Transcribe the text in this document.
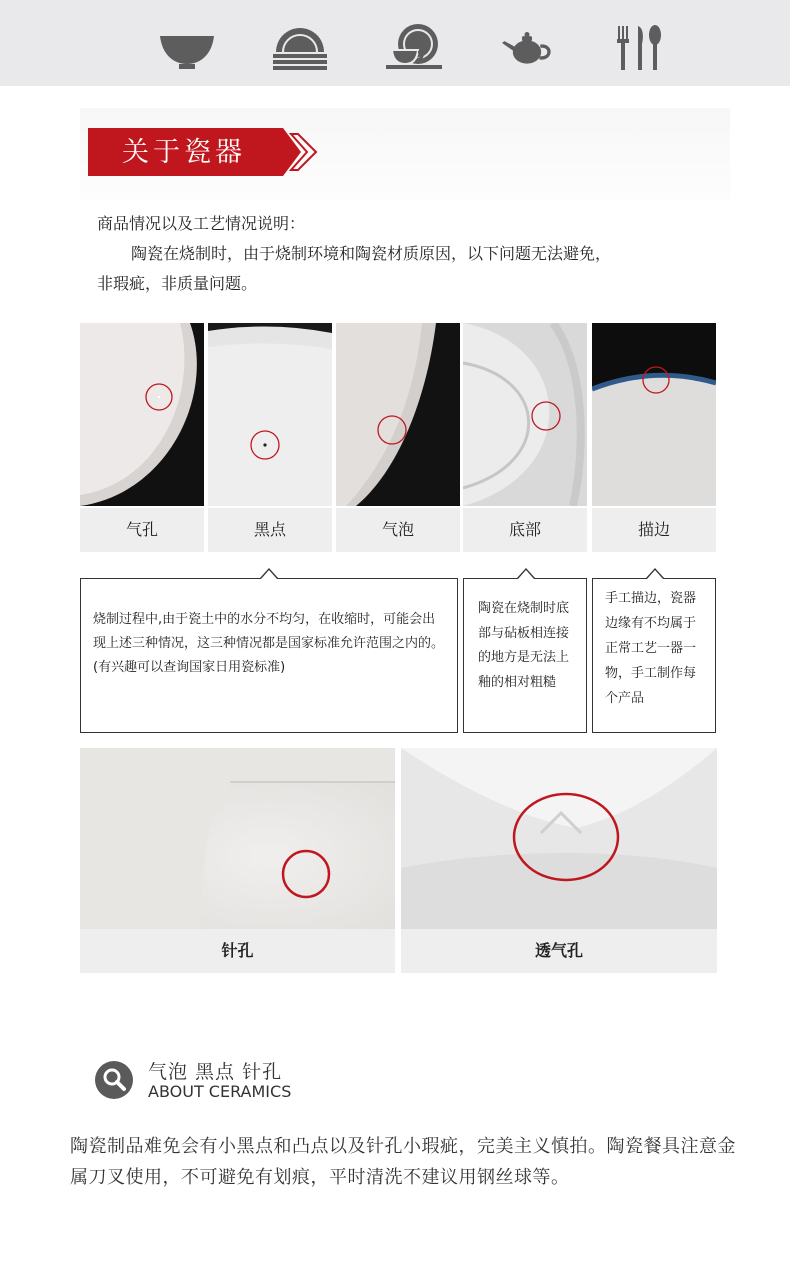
关于瓷器
商品情况以及工艺情况说明：
陶瓷在烧制时，由于烧制环境和陶瓷材质原因，以下问题无法避免，
非瑕疵，非质量问题。
气孔	黑点	气泡	底部	描边
烧制过程中,由于瓷土中的水分不均匀，在收缩时，可能会出现上述三种情况，这三种情况都是国家标准允许范围之内的。
(有兴趣可以查询国家日用瓷标准)
陶瓷在烧制时底部与砧板相连接的地方是无法上釉的相对粗糙
手工描边，瓷器边缘有不均属于正常工艺一器一物，手工制作每个产品
针孔	透气孔
气泡 黑点 针孔
ABOUT CERAMICS
陶瓷制品难免会有小黑点和凸点以及针孔小瑕疵，完美主义慎拍。陶瓷餐具注意金属刀叉使用，不可避免有划痕，平时清洗不建议用钢丝球等。
